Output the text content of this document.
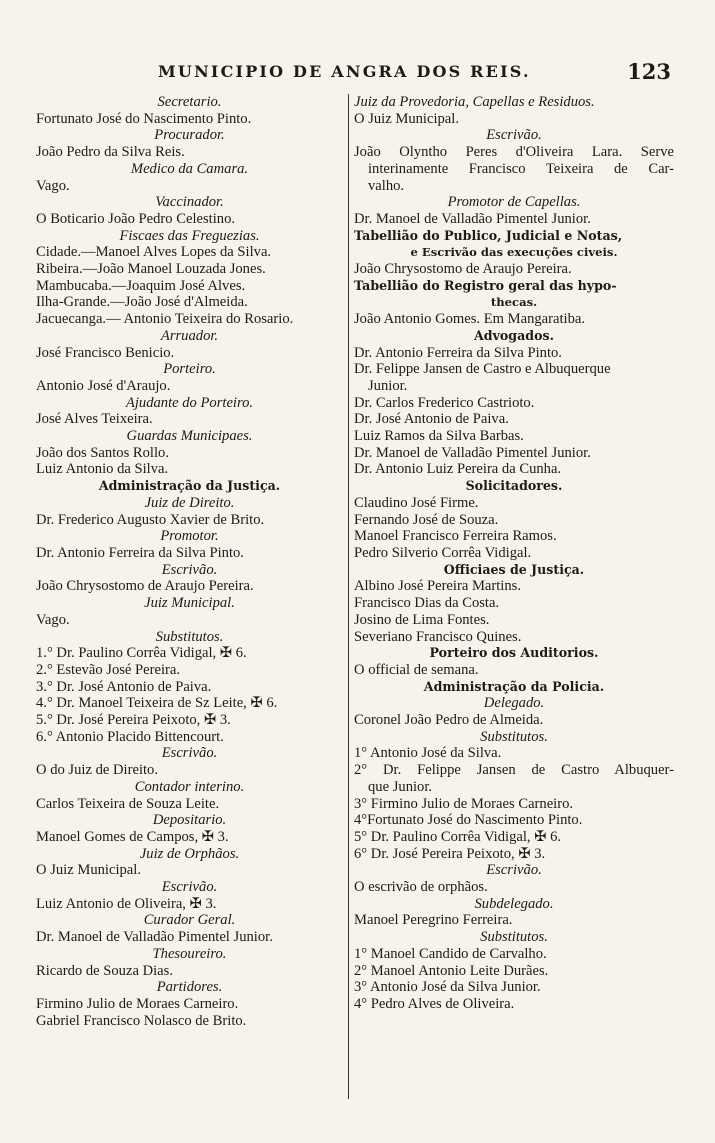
MUNICIPIO DE ANGRA DOS REIS.	123
Secretario.
Fortunato José do Nascimento Pinto.
Procurador.
João Pedro da Silva Reis.
Medico da Camara.
Vago.
Vaccinador.
O Boticario João Pedro Celestino.
Fiscaes das Freguezias.
Cidade.—Manoel Alves Lopes da Silva.
Ribeira.—João Manoel Louzada Jones.
Mambucaba.—Joaquim José Alves.
Ilha-Grande.—João José d'Almeida.
Jacuecanga.— Antonio Teixeira do Rosario.
Arruador.
José Francisco Benicio.
Porteiro.
Antonio José d'Araujo.
Ajudante do Porteiro.
José Alves Teixeira.
Guardas Municipaes.
João dos Santos Rollo.
Luiz Antonio da Silva.
Administração da Justiça.
Juiz de Direito.
Dr. Frederico Augusto Xavier de Brito.
Promotor.
Dr. Antonio Ferreira da Silva Pinto.
Escrivão.
João Chrysostomo de Araujo Pereira.
Juiz Municipal.
Vago.
Substitutos.
1.° Dr. Paulino Corrêa Vidigal, ✠ 6.
2.° Estevão José Pereira.
3.° Dr. José Antonio de Paiva.
4.° Dr. Manoel Teixeira de Sz Leite, ✠ 6.
5.° Dr. José Pereira Peixoto, ✠ 3.
6.° Antonio Placido Bittencourt.
Escrivão.
O do Juiz de Direito.
Contador interino.
Carlos Teixeira de Souza Leite.
Depositario.
Manoel Gomes de Campos, ✠ 3.
Juiz de Orphãos.
O Juiz Municipal.
Escrivão.
Luiz Antonio de Oliveira, ✠ 3.
Curador Geral.
Dr. Manoel de Valladão Pimentel Junior.
Thesoureiro.
Ricardo de Souza Dias.
Partidores.
Firmino Julio de Moraes Carneiro.
Gabriel Francisco Nolasco de Brito.
Juiz da Provedoria, Capellas e Residuos.
O Juiz Municipal.
Escrivão.
João Olyntho Peres d'Oliveira Lara. Serve
interinamente Francisco Teixeira de Car-
valho.
Promotor de Capellas.
Dr. Manoel de Valladão Pimentel Junior.
Tabellião do Publico, Judicial e Notas,
e Escrivão das execuções civeis.
João Chrysostomo de Araujo Pereira.
Tabellião do Registro geral das hypo-
thecas.
João Antonio Gomes. Em Mangaratiba.
Advogados.
Dr. Antonio Ferreira da Silva Pinto.
Dr. Felippe Jansen de Castro e Albuquerque
Junior.
Dr. Carlos Frederico Castrioto.
Dr. José Antonio de Paiva.
Luiz Ramos da Silva Barbas.
Dr. Manoel de Valladão Pimentel Junior.
Dr. Antonio Luiz Pereira da Cunha.
Solicitadores.
Claudino José Firme.
Fernando José de Souza.
Manoel Francisco Ferreira Ramos.
Pedro Silverio Corrêa Vidigal.
Officiaes de Justiça.
Albino José Pereira Martins.
Francisco Dias da Costa.
Josino de Lima Fontes.
Severiano Francisco Quines.
Porteiro dos Auditorios.
O official de semana.
Administração da Policia.
Delegado.
Coronel João Pedro de Almeida.
Substitutos.
1° Antonio José da Silva.
2° Dr. Felippe Jansen de Castro Albuquer-
que Junior.
3° Firmino Julio de Moraes Carneiro.
4°Fortunato José do Nascimento Pinto.
5° Dr. Paulino Corrêa Vidigal, ✠ 6.
6° Dr. José Pereira Peixoto, ✠ 3.
Escrivão.
O escrivão de orphãos.
Subdelegado.
Manoel Peregrino Ferreira.
Substitutos.
1° Manoel Candido de Carvalho.
2° Manoel Antonio Leite Durães.
3° Antonio José da Silva Junior.
4° Pedro Alves de Oliveira.
